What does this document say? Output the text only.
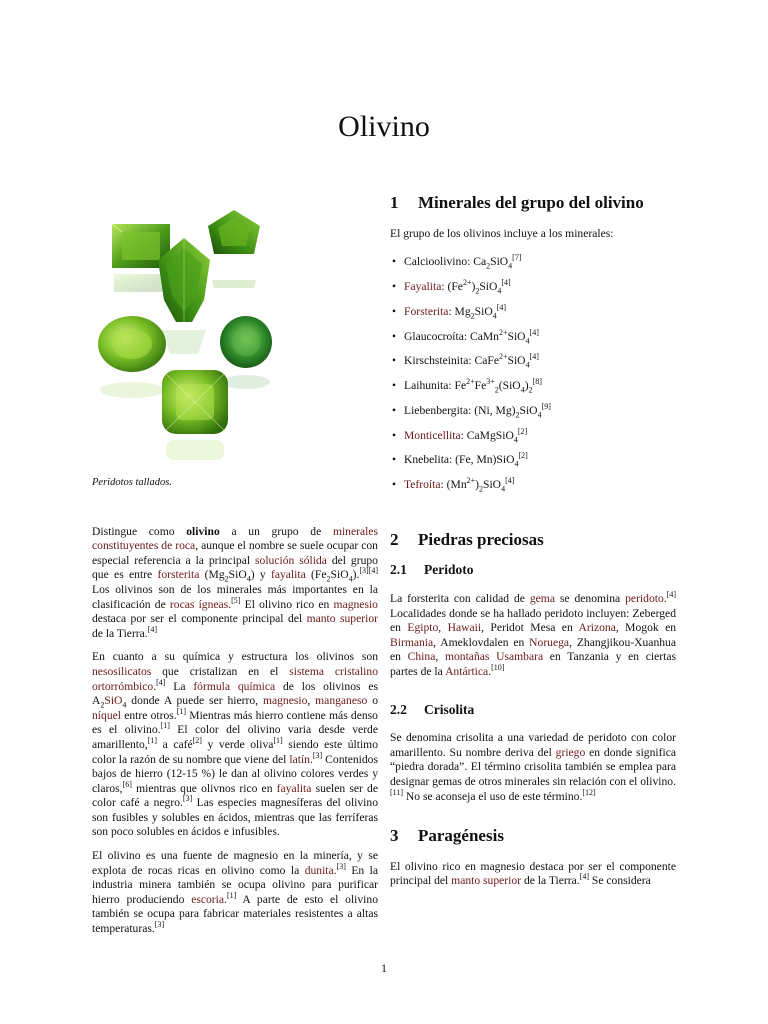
Olivino
Peridotos tallados.

Distingue como olivino a un grupo de minerales constituyentes de roca, aunque el nombre se suele ocupar con especial referencia a la principal solución sólida del grupo que es entre forsterita $(Mg_2SiO_4)$ y fayalita $(Fe_2SiO_4).[3][4]$ Los olivinos son de los minerales más importantes en la clasificación de rocas ígneas.[5] El olivino rico en magnesio destaca por ser el componente principal del manto superior de la Tierra.[4]

En cuanto a su química y estructura los olivinos son nesosilicatos que cristalizan en el sistema cristalino ortorrómbico.[4] La fórmula química de los olivinos es $A_2SiO_4$ donde A puede ser hierro, magnesio, manganeso o níquel entre otros.[1] Mientras más hierro contiene más denso es el olivino.[1] El color del olivino varia desde verde amarillento,[1] a café[2] y verde oliva[1] siendo este último color la razón de su nombre que viene del latín.[3] Contenidos bajos de hierro (12-15 %) le dan al olivino colores verdes y claros,[6] mientras que olivnos rico en fayalita suelen ser de color café a negro.[3] Las especies magnesíferas del olivino son fusibles y solubles en ácidos, mientras que las ferríferas son poco solubles en ácidos e infusibles.

El olivino es una fuente de magnesio en la minería, y se explota de rocas ricas en olivino como la dunita.[3] En la industria minera también se ocupa olivino para purificar hierro produciendo escoria.[1] A parte de esto el olivino también se ocupa para fabricar materiales resistentes a altas temperaturas.[3]

1 Minerales del grupo del olivino

El grupo de los olivinos incluye a los minerales:

• Calcioolivino: $Ca_2SiO_4[7]$
• Fayalita: $(Fe^{2+})_2SiO_4[4]$
• Forsterita: $Mg_2SiO_4[4]$
• Glaucocroíta: CaMn$^{2+}$SiO$_4$[4]
• Kirschsteinita: CaFe$^{2+}$SiO$_4$[4]
• Laihunita: $Fe^{2+}Fe^{3+}_2(SiO_4)_2[8]$
• Liebenbergita: (Ni, $Mg)_2SiO_4[9]$
• Monticellita: CaMgSiO$_4$[2]
• Knebelita: (Fe, Mn)SiO$_4$[2]
• Tefroíta: $(Mn^{2+})_2SiO_4[4]$
2 Piedras preciosas
2.1 Peridoto

La forsterita con calidad de gema se denomina peridoto.[4] Localidades donde se ha hallado peridoto incluyen: Zeberged en Egipto, Hawaii, Peridot Mesa en Arizona, Mogok en Birmania, Ameklovdalen en Noruega, Zhangjikou-Xuanhua en China, montañas Usambara en Tanzania y en ciertas partes de la Antártica.[10]

2.2 Crisolita

Se denomina crisolita a una variedad de peridoto con color amarillento. Su nombre deriva del griego en donde significa “piedra dorada”. El término crisolita también se emplea para designar gemas de otros minerales sin relación con el olivino.[11] No se aconseja el uso de este término.[12]

3 Paragénesis

El olivino rico en magnesio destaca por ser el componente principal del manto superior de la Tierra.[4] Se considera

1
